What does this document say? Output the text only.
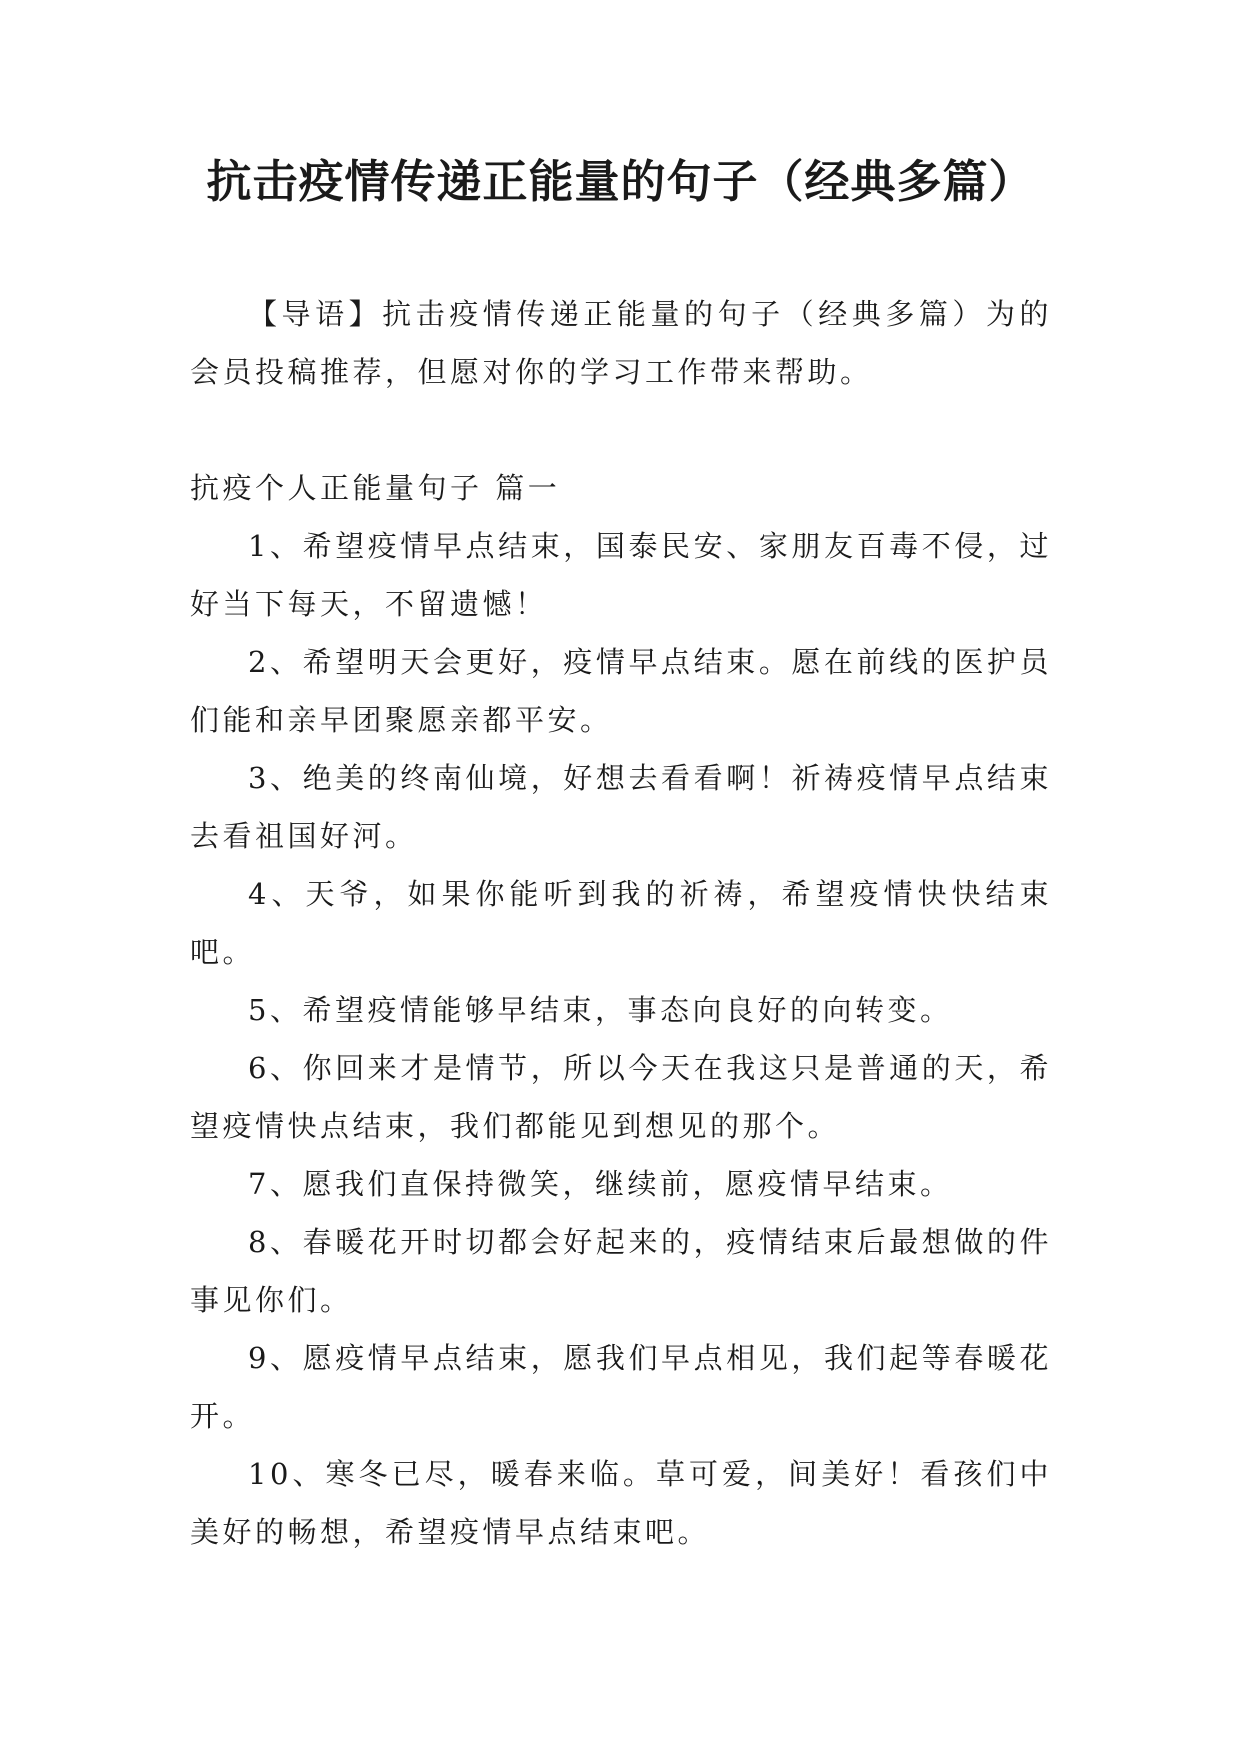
抗击疫情传递正能量的句子（经典多篇）

【导语】抗击疫情传递正能量的句子（经典多篇）为的会员投稿推荐，但愿对你的学习工作带来帮助。

抗疫个人正能量句子 篇一

1、希望疫情早点结束，国泰民安、家朋友百毒不侵，过好当下每天，不留遗憾！

2、希望明天会更好，疫情早点结束。愿在前线的医护员们能和亲早团聚愿亲都平安。

3、绝美的终南仙境，好想去看看啊！祈祷疫情早点结束去看祖国好河。

4、天爷，如果你能听到我的祈祷，希望疫情快快结束吧。

5、希望疫情能够早结束，事态向良好的向转变。

6、你回来才是情节，所以今天在我这只是普通的天，希望疫情快点结束，我们都能见到想见的那个。

7、愿我们直保持微笑，继续前，愿疫情早结束。

8、春暖花开时切都会好起来的，疫情结束后最想做的件事见你们。

9、愿疫情早点结束，愿我们早点相见，我们起等春暖花开。

10、寒冬已尽，暖春来临。草可爱，间美好！看孩们中美好的畅想，希望疫情早点结束吧。
